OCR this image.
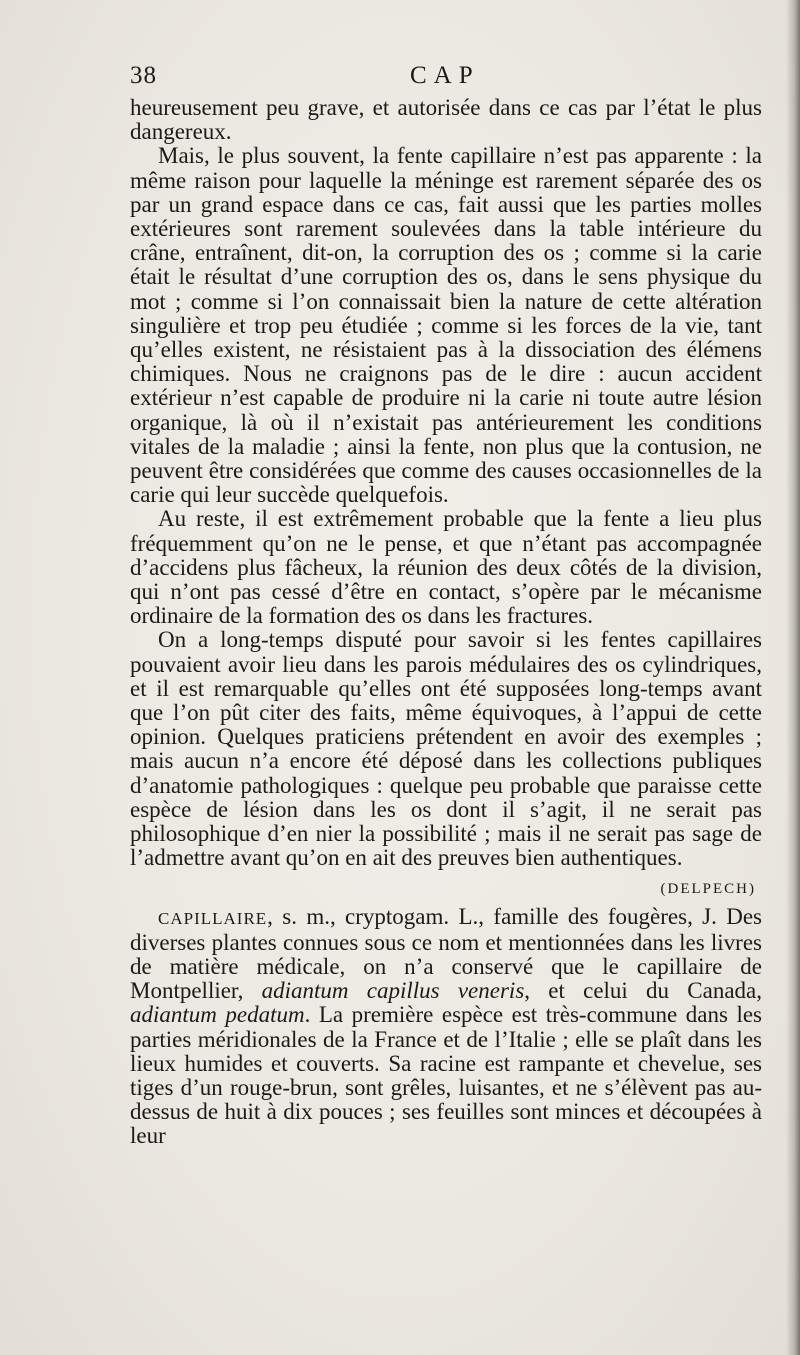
38	CAP

heureusement peu grave, et autorisée dans ce cas par l’état le plus dangereux.

Mais, le plus souvent, la fente capillaire n’est pas apparente : la même raison pour laquelle la méninge est rarement séparée des os par un grand espace dans ce cas, fait aussi que les parties molles extérieures sont rarement soulevées dans la table intérieure du crâne, entraînent, dit-on, la corruption des os ; comme si la carie était le résultat d’une corruption des os, dans le sens physique du mot ; comme si l’on connaissait bien la nature de cette altération singulière et trop peu étudiée ; comme si les forces de la vie, tant qu’elles existent, ne résistaient pas à la dissociation des élémens chimiques. Nous ne craignons pas de le dire : aucun accident extérieur n’est capable de produire ni la carie ni toute autre lésion organique, là où il n’existait pas antérieurement les conditions vitales de la maladie ; ainsi la fente, non plus que la contusion, ne peuvent être considérées que comme des causes occasionnelles de la carie qui leur succède quelquefois.

Au reste, il est extrêmement probable que la fente a lieu plus fréquemment qu’on ne le pense, et que n’étant pas accompagnée d’accidens plus fâcheux, la réunion des deux côtés de la division, qui n’ont pas cessé d’être en contact, s’opère par le mécanisme ordinaire de la formation des os dans les fractures.

On a long-temps disputé pour savoir si les fentes capillaires pouvaient avoir lieu dans les parois médulaires des os cylindriques, et il est remarquable qu’elles ont été supposées long-temps avant que l’on pût citer des faits, même équivoques, à l’appui de cette opinion. Quelques praticiens prétendent en avoir des exemples ; mais aucun n’a encore été déposé dans les collections publiques d’anatomie pathologiques : quelque peu probable que paraisse cette espèce de lésion dans les os dont il s’agit, il ne serait pas philosophique d’en nier la possibilité ; mais il ne serait pas sage de l’admettre avant qu’on en ait des preuves bien authentiques.

(DELPECH)

CAPILLAIRE, s. m., cryptogam. L., famille des fougères, J. Des diverses plantes connues sous ce nom et mentionnées dans les livres de matière médicale, on n’a conservé que le capillaire de Montpellier, adiantum capillus veneris, et celui du Canada, adiantum pedatum. La première espèce est très-commune dans les parties méridionales de la France et de l’Italie ; elle se plaît dans les lieux humides et couverts. Sa racine est rampante et chevelue, ses tiges d’un rouge-brun, sont grêles, luisantes, et ne s’élèvent pas au-dessus de huit à dix pouces ; ses feuilles sont minces et découpées à leur
